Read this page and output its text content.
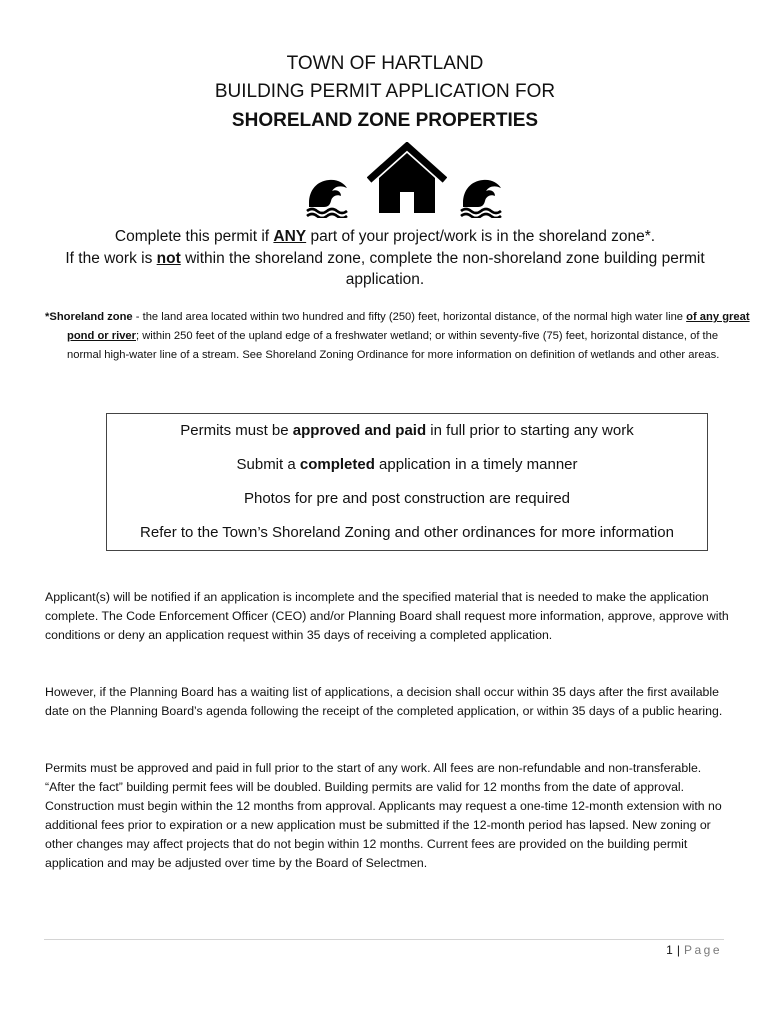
TOWN OF HARTLAND
BUILDING PERMIT APPLICATION FOR
SHORELAND ZONE PROPERTIES
Complete this permit if ANY part of your project/work is in the shoreland zone*.
If the work is not within the shoreland zone, complete the non-shoreland zone building permit application.
*Shoreland zone - the land area located within two hundred and fifty (250) feet, horizontal distance, of the normal high water line of any great pond or river; within 250 feet of the upland edge of a freshwater wetland; or within seventy-five (75) feet, horizontal distance, of the normal high-water line of a stream. See Shoreland Zoning Ordinance for more information on definition of wetlands and other areas.
Permits must be approved and paid in full prior to starting any work
Submit a completed application in a timely manner
Photos for pre and post construction are required
Refer to the Town’s Shoreland Zoning and other ordinances for more information
Applicant(s) will be notified if an application is incomplete and the specified material that is needed to make the application complete. The Code Enforcement Officer (CEO) and/or Planning Board shall request more information, approve, approve with conditions or deny an application request within 35 days of receiving a completed application.
However, if the Planning Board has a waiting list of applications, a decision shall occur within 35 days after the first available date on the Planning Board’s agenda following the receipt of the completed application, or within 35 days of a public hearing.
Permits must be approved and paid in full prior to the start of any work. All fees are non-refundable and non-transferable. “After the fact” building permit fees will be doubled. Building permits are valid for 12 months from the date of approval. Construction must begin within the 12 months from approval. Applicants may request a one-time 12-month extension with no additional fees prior to expiration or a new application must be submitted if the 12-month period has lapsed. New zoning or other changes may affect projects that do not begin within 12 months. Current fees are provided on the building permit application and may be adjusted over time by the Board of Selectmen.
1 | Page
